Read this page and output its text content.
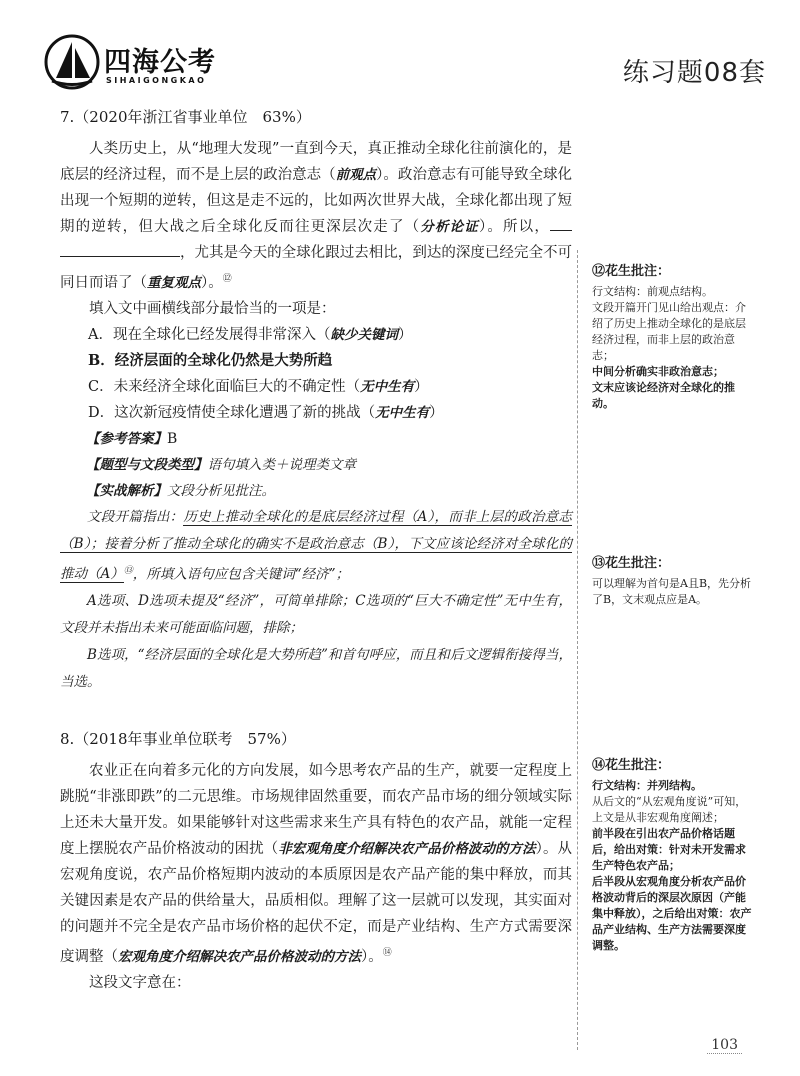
四海公考
SIHAIGONGKAO	练习题08套

7.（2020年浙江省事业单位　63%）

人类历史上，从“地理大发现”一直到今天，真正推动全球化往前演化的，是底层的经济过程，而不是上层的政治意志（前观点）。政治意志有可能导致全球化出现一个短期的逆转，但这是走不远的，比如两次世界大战，全球化都出现了短期的逆转，但大战之后全球化反而往更深层次走了（分析论证）。所以，　，尤其是今天的全球化跟过去相比，到达的深度已经完全不可同日而语了（重复观点）。⑫

填入文中画横线部分最恰当的一项是：

A．现在全球化已经发展得非常深入（缺少关键词）

B．经济层面的全球化仍然是大势所趋

C．未来经济全球化面临巨大的不确定性（无中生有）

D．这次新冠疫情使全球化遭遇了新的挑战（无中生有）

【参考答案】B

【题型与文段类型】语句填入类＋说理类文章

【实战解析】文段分析见批注。

文段开篇指出：历史上推动全球化的是底层经济过程（A），而非上层的政治意志（B）；接着分析了推动全球化的确实不是政治意志（B），下文应该论经济对全球化的推动（A）⑬，所填入语句应包含关键词“经济”；

A选项、D选项未提及“经济”，可简单排除；C选项的“巨大不确定性”无中生有，文段并未指出未来可能面临问题，排除；

B选项，“经济层面的全球化是大势所趋”和首句呼应，而且和后文逻辑衔接得当，当选。

8.（2018年事业单位联考　57%）

农业正在向着多元化的方向发展，如今思考农产品的生产，就要一定程度上跳脱“非涨即跌”的二元思维。市场规律固然重要，而农产品市场的细分领域实际上还未大量开发。如果能够针对这些需求来生产具有特色的农产品，就能一定程度上摆脱农产品价格波动的困扰（非宏观角度介绍解决农产品价格波动的方法）。从宏观角度说，农产品价格短期内波动的本质原因是农产品产能的集中释放，而其关键因素是农产品的供给量大，品质相似。理解了这一层就可以发现，其实面对的问题并不完全是农产品市场价格的起伏不定，而是产业结构、生产方式需要深度调整（宏观角度介绍解决农产品价格波动的方法）。⑭

这段文字意在：

⑫花生批注：

行文结构：前观点结构。

文段开篇开门见山给出观点：介绍了历史上推动全球化的是底层经济过程，而非上层的政治意志；

中间分析确实非政治意志；

文末应该论经济对全球化的推动。

⑬花生批注：

可以理解为首句是A且B，先分析了B，文末观点应是A。

⑭花生批注：

行文结构：并列结构。

从后文的“从宏观角度说”可知，上文是从非宏观角度阐述；

前半段在引出农产品价格话题后，给出对策：针对未开发需求生产特色农产品；

后半段从宏观角度分析农产品价格波动背后的深层次原因（产能集中释放），之后给出对策：农产品产业结构、生产方法需要深度调整。

103
